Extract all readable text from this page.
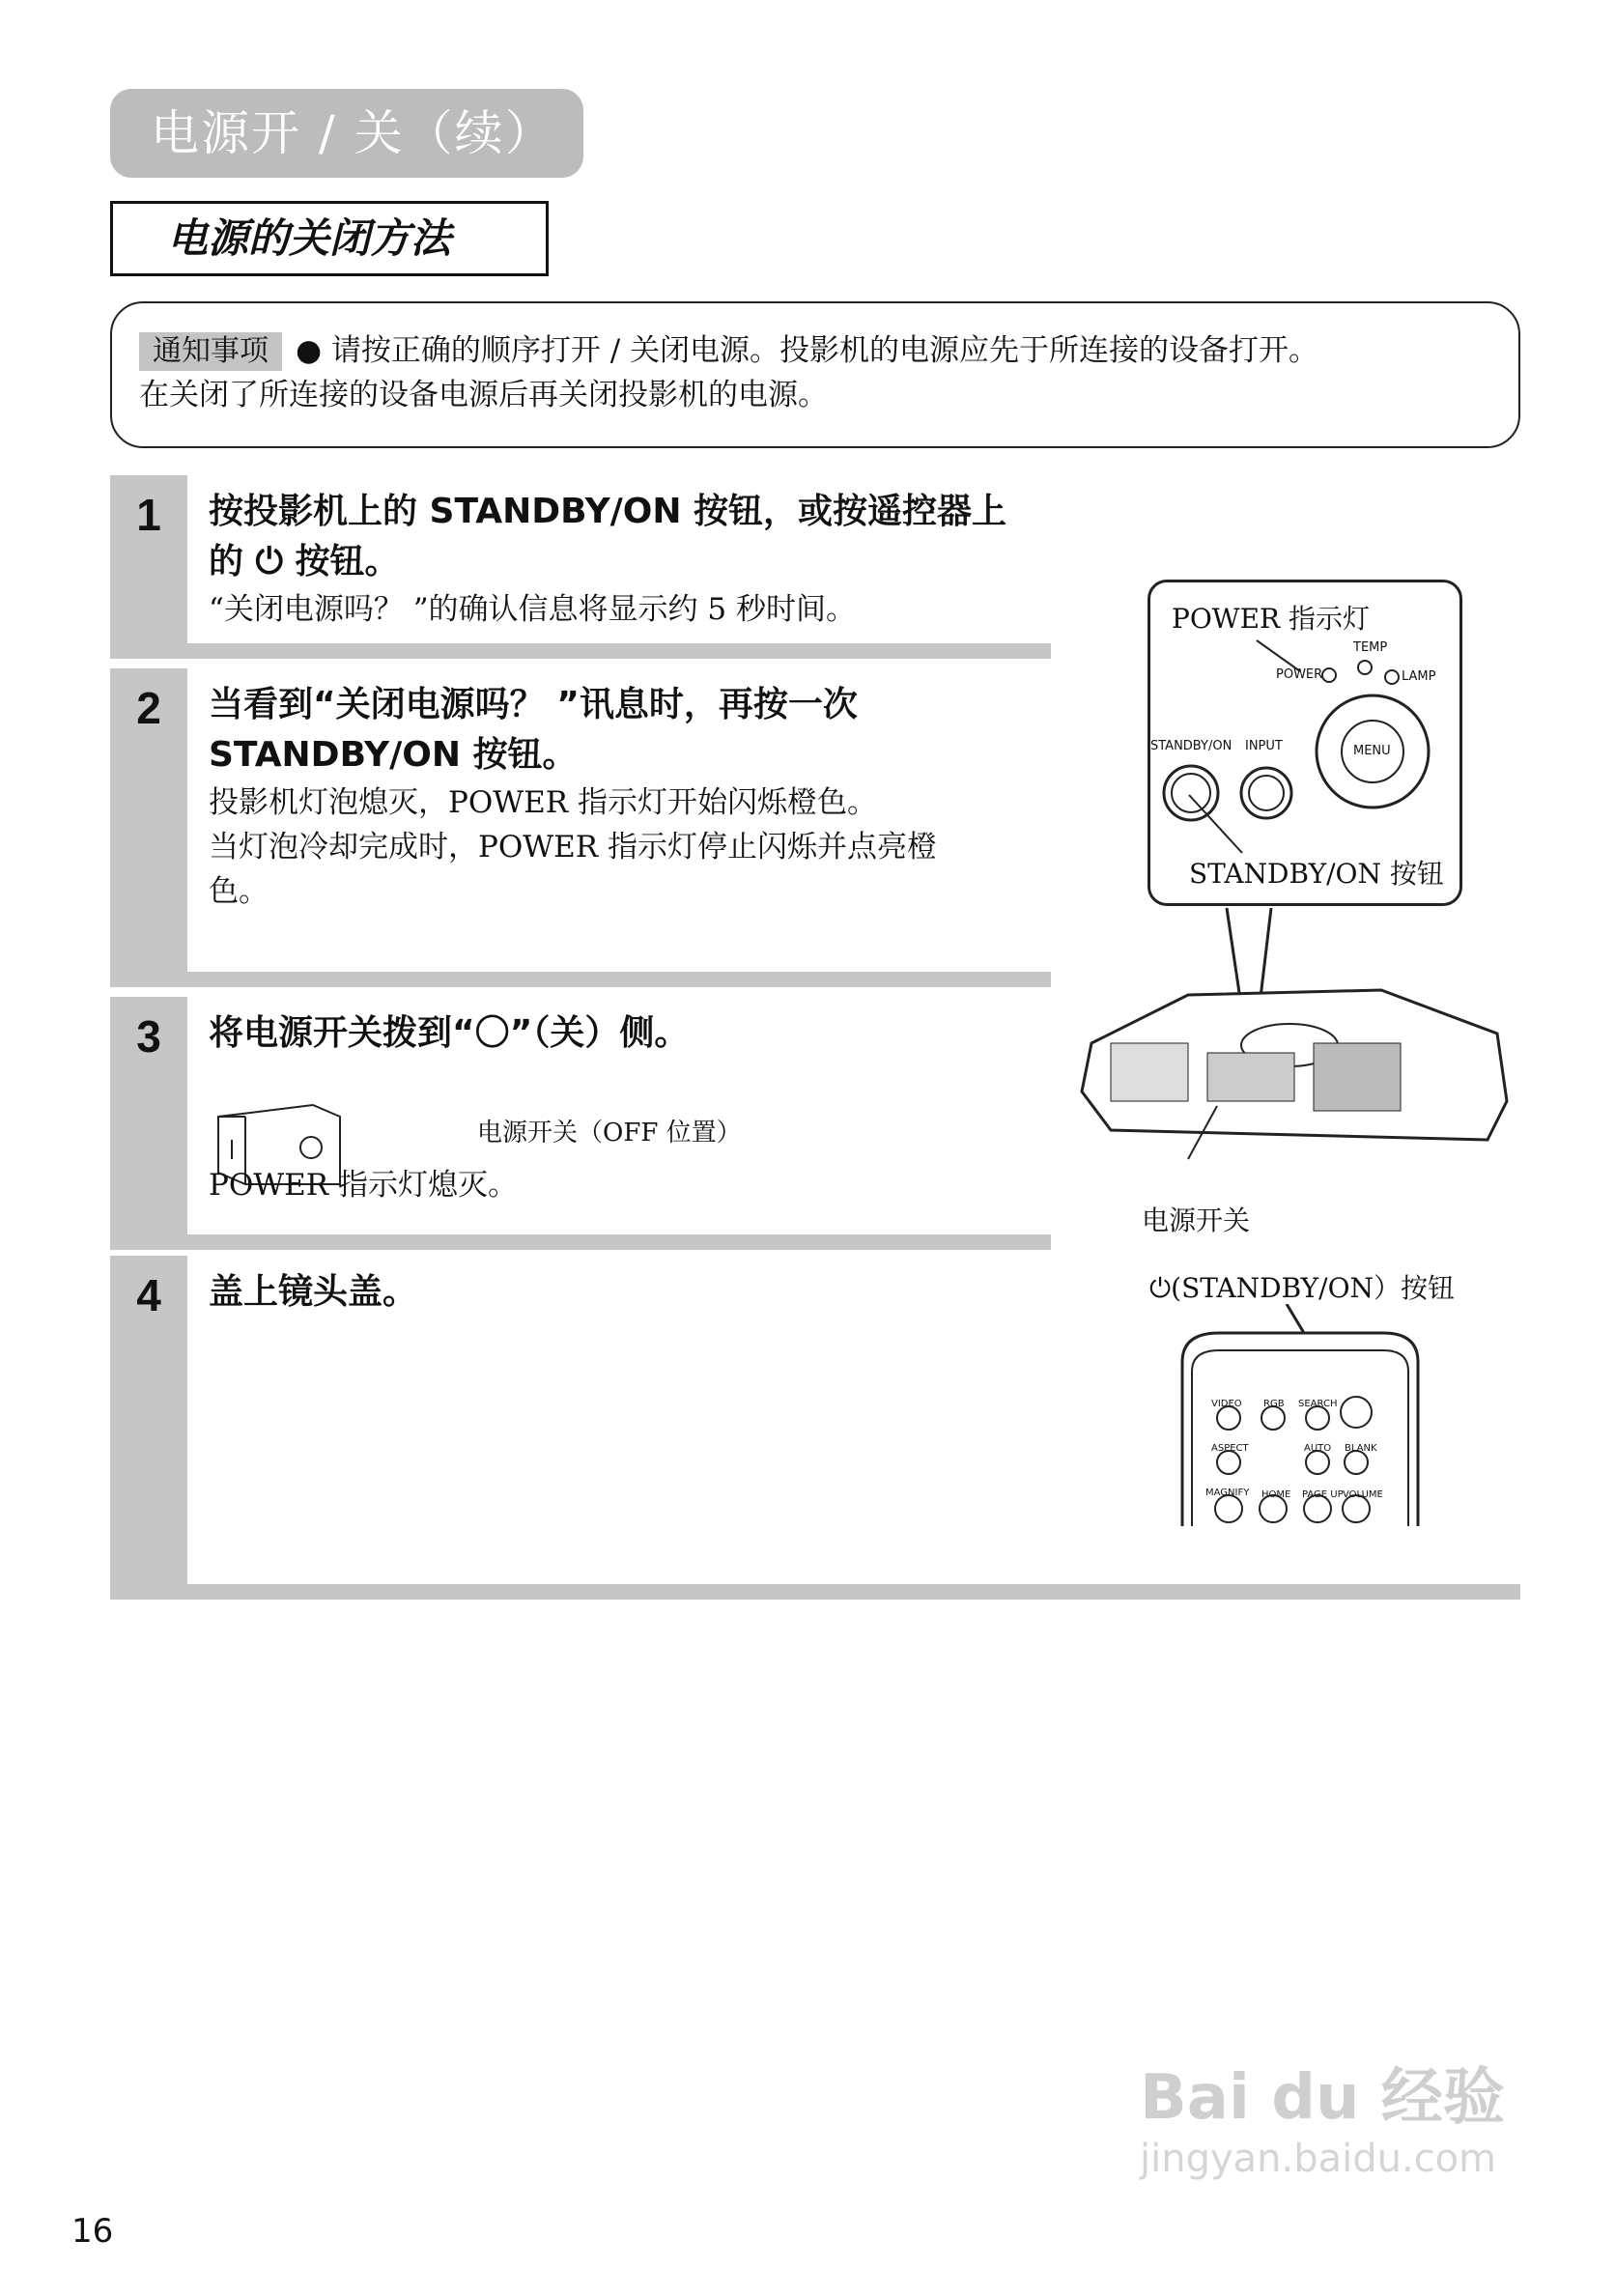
电源开 / 关（续）
电源的关闭方法
通知事项 ● 请按正确的顺序打开 / 关闭电源。投影机的电源应先于所连接的设备打开。
在关闭了所连接的设备电源后再关闭投影机的电源。
1	按投影机上的 STANDBY/ON 按钮，或按遥控器上
的 ⏻ 按钮。
“关闭电源吗？ ”的确认信息将显示约 5 秒时间。
2	当看到“关闭电源吗？ ”讯息时，再按一次
STANDBY/ON 按钮。
投影机灯泡熄灭，POWER 指示灯开始闪烁橙色。
当灯泡冷却完成时，POWER 指示灯停止闪烁并点亮橙
色。
3	将电源开关拨到“〇”（关）侧。
电源开关（OFF 位置）
POWER 指示灯熄灭。
4	盖上镜头盖。
POWER 指示灯
TEMP
POWER	LAMP
STANDBY/ON INPUT	MENU
STANDBY/ON 按钮
电源开关
⏻(STANDBY/ON）按钮
VIDEO RGB SEARCH
ASPECT	AUTO BLANK
MAGNIFY HOME PAGE UP VOLUME
16
Bai du 经验
jingyan.baidu.com
